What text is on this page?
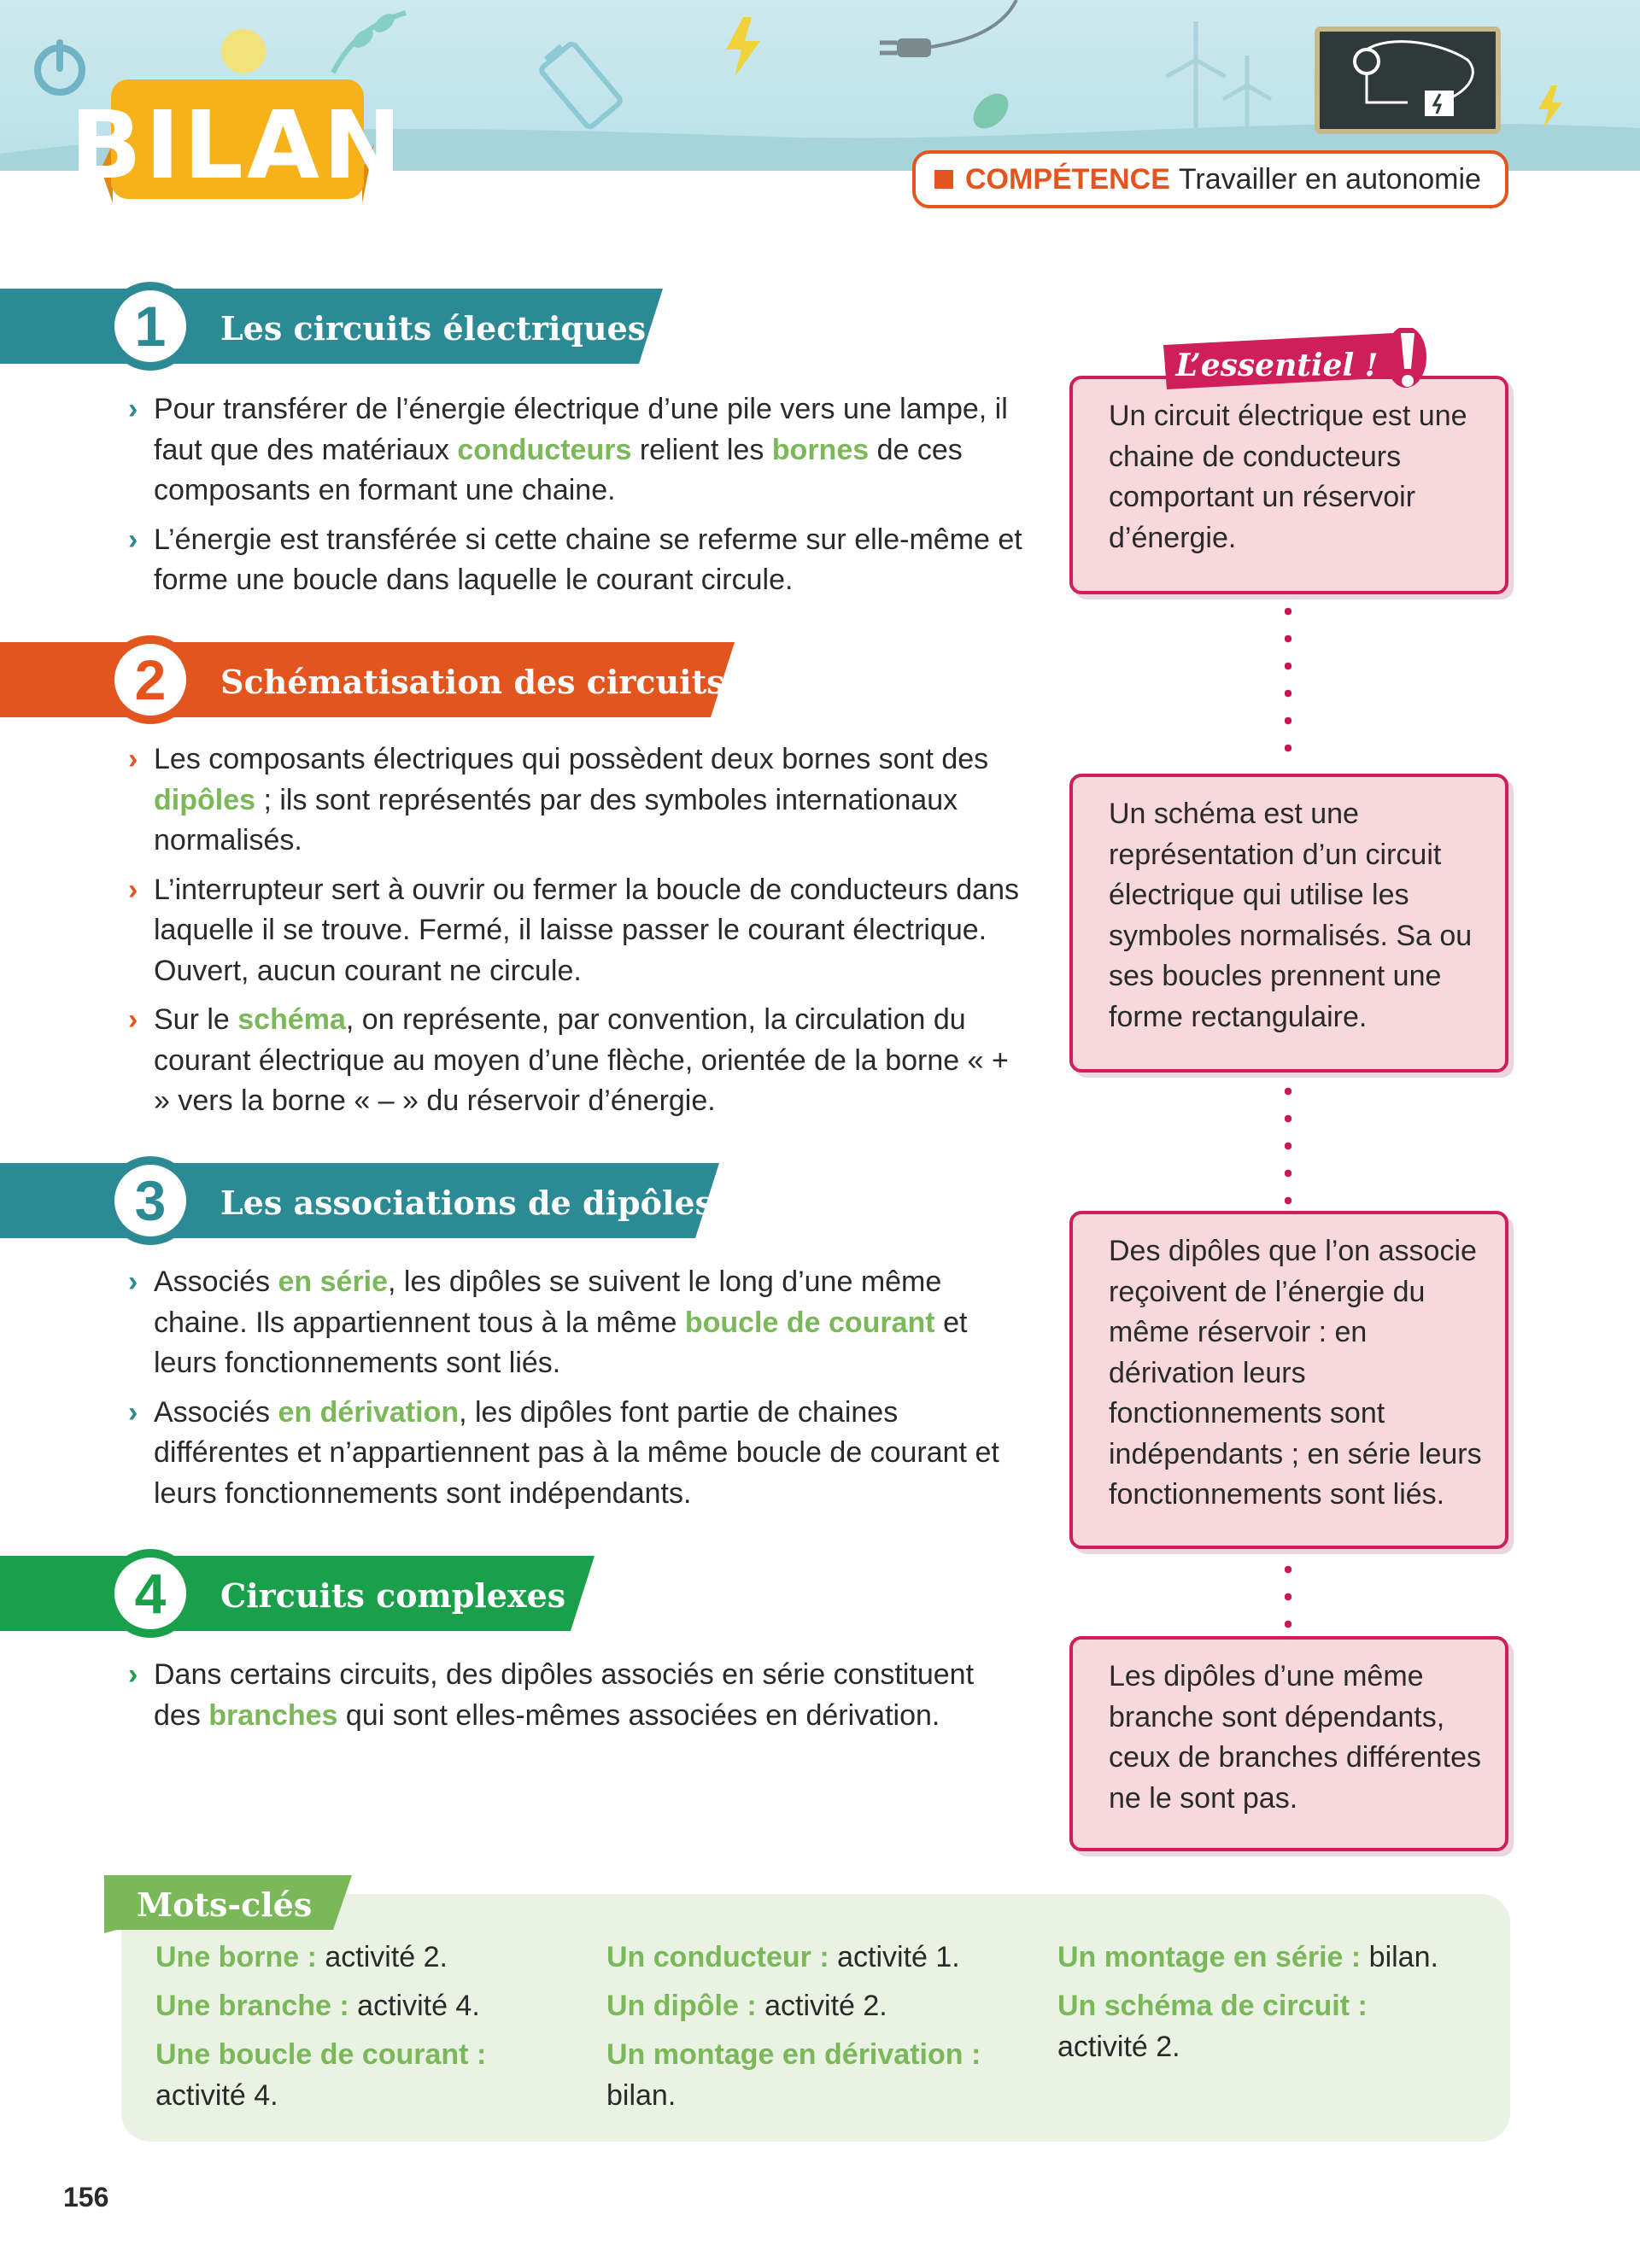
BILAN	COMPÉTENCE Travailler en autonomie
1	Les circuits électriques

› Pour transférer de l’énergie électrique d’une pile vers une lampe, il faut que des matériaux conducteurs relient les bornes de ces composants en formant une chaine.

› L’énergie est transférée si cette chaine se referme sur elle-même et forme une boucle dans laquelle le courant circule.

2	Schématisation des circuits

› Les composants électriques qui possèdent deux bornes sont des dipôles ; ils sont représentés par des symboles internationaux normalisés.

› L’interrupteur sert à ouvrir ou fermer la boucle de conducteurs dans laquelle il se trouve. Fermé, il laisse passer le courant électrique. Ouvert, aucun courant ne circule.

› Sur le schéma, on représente, par convention, la circulation du courant électrique au moyen d’une flèche, orientée de la borne « + » vers la borne « – » du réservoir d’énergie.

3	Les associations de dipôles

› Associés en série, les dipôles se suivent le long d’une même chaine. Ils appartiennent tous à la même boucle de courant et leurs fonctionnements sont liés.

› Associés en dérivation, les dipôles font partie de chaines différentes et n’appartiennent pas à la même boucle de courant et leurs fonctionnements sont indépendants.

4	Circuits complexes

› Dans certains circuits, des dipôles associés en série constituent des branches qui sont elles-mêmes associées en dérivation.

Un circuit électrique est une chaine de conducteurs comportant un réservoir d’énergie.
Un schéma est une représentation d’un circuit électrique qui utilise les symboles normalisés. Sa ou ses boucles prennent une forme rectangulaire.
Des dipôles que l’on associe reçoivent de l’énergie du même réservoir : en dérivation leurs fonctionnements sont indépendants ; en série leurs fonctionnements sont liés.
Les dipôles d’une même branche sont dépendants, ceux de branches différentes ne le sont pas.
L’essentiel !
Mots-clés
Une borne : activité 2.
Une branche : activité 4.
Une boucle de courant :
activité 4.
Un conducteur : activité 1.
Un dipôle : activité 2.
Un montage en dérivation :
bilan.
Un montage en série : bilan.
Un schéma de circuit :
activité 2.
156
